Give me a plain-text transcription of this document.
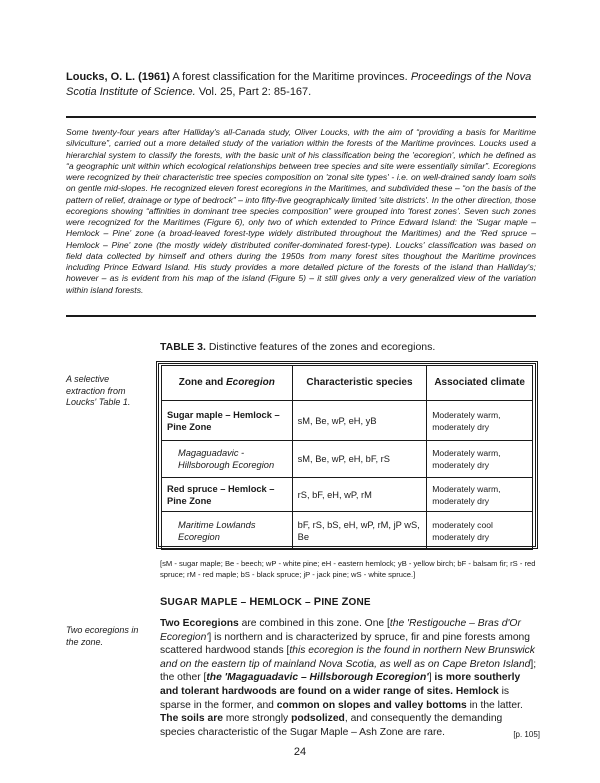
Loucks, O. L. (1961) A forest classification for the Maritime provinces. Proceedings of the Nova Scotia Institute of Science. Vol. 25, Part 2: 85-167.
Some twenty-four years after Halliday's all-Canada study, Oliver Loucks, with the aim of “providing a basis for Maritime silviculture”, carried out a more detailed study of the variation within the forests of the Maritime provinces. Loucks used a hierarchial system to classify the forests, with the basic unit of his classification being the 'ecoregion', which he defined as “a geographic unit within which ecological relationships between tree species and site were essentially similar”. Ecoregions were recognized by their characteristic tree species composition on 'zonal site types' - i.e. on well-drained sandy loam soils on gentle mid-slopes. He recognized eleven forest ecoregions in the Maritimes, and subdivided these – “on the basis of the pattern of relief, drainage or type of bedrock” – into fifty-five geographically limited 'site districts'. In the other direction, those ecoregions showing “affinities in dominant tree species composition” were grouped into 'forest zones'. Seven such zones were recognized for the Maritimes (Figure 6), only two of which extended to Prince Edward Island: the 'Sugar maple – Hemlock – Pine' zone (a broad-leaved forest-type widely distributed throughout the Maritimes) and the 'Red spruce – Hemlock – Pine' zone (the mostly widely distributed conifer-dominated forest-type). Loucks' classification was based on field data collected by himself and others during the 1950s from many forest sites thoughout the Maritime provinces including Prince Edward Island. His study provides a more detailed picture of the forests of the island than Halliday's; however – as is evident from his map of the island (Figure 5) – it still gives only a very generalized view of the variation within island forests.
TABLE 3. Distinctive features of the zones and ecoregions.
A selective extraction from Loucks' Table 1.
Zone and Ecoregion	Characteristic species	Associated climate
Sugar maple – Hemlock – Pine Zone	sM, Be, wP, eH, yB	Moderately warm, moderately dry
Magaguadavic - Hillsborough Ecoregion	sM, Be, wP, eH, bF, rS	Moderately warm, moderately dry
Red spruce – Hemlock – Pine Zone	rS, bF, eH, wP, rM	Moderately warm, moderately dry
Maritime Lowlands Ecoregion	bF, rS, bS, eH, wP, rM, jP wS, Be	moderately cool moderately dry
[sM - sugar maple; Be - beech; wP - white pine; eH - eastern hemlock; yB - yellow birch; bF - balsam fir; rS - red spruce; rM - red maple; bS - black spruce; jP - jack pine; wS - white spruce.]
SUGAR MAPLE – HEMLOCK – PINE ZONE
Two ecoregions in the zone.
Two Ecoregions are combined in this zone. One [the 'Restigouche – Bras d'Or Ecoregion'] is northern and is characterized by spruce, fir and pine forests among scattered hardwood stands [this ecoregion is the found in northern New Brunswick and on the eastern tip of mainland Nova Scotia, as well as on Cape Breton Island]; the other [the 'Magaguadavic – Hillsborough Ecoregion'] is more southerly and tolerant hardwoods are found on a wider range of sites. Hemlock is sparse in the former, and common on slopes and valley bottoms in the latter. The soils are more strongly podsolized, and consequently the demanding species characteristic of the Sugar Maple – Ash Zone are rare.	[p. 105]
24
